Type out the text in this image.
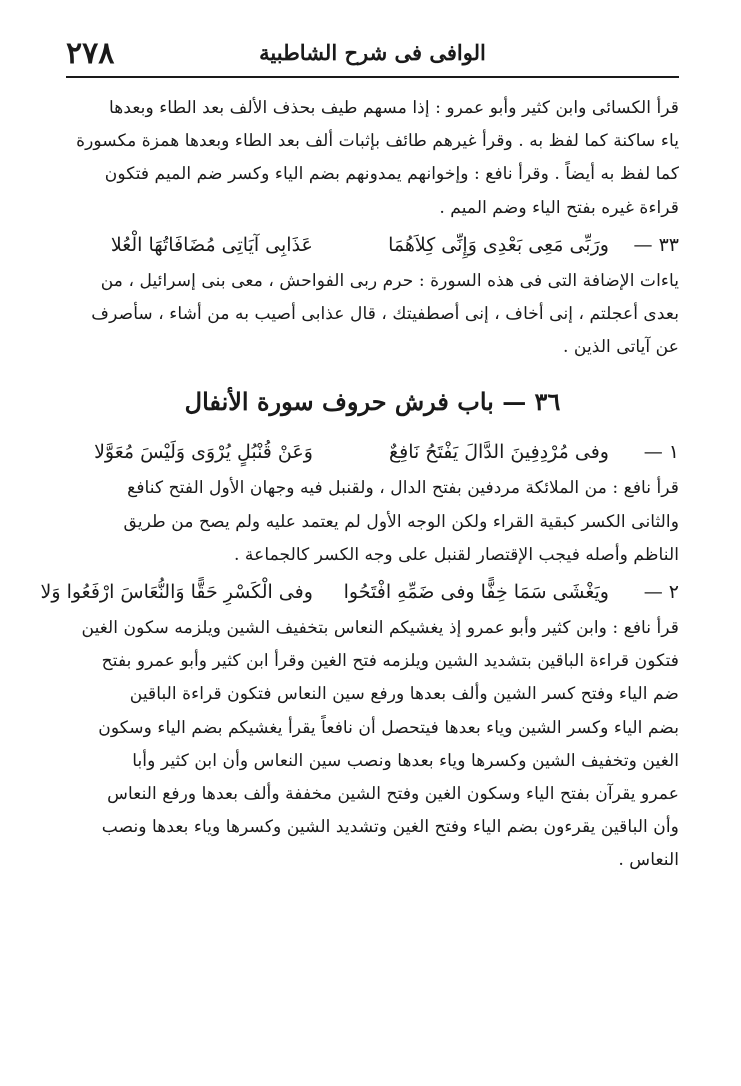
٢٧٨	الوافى فى شرح الشاطبية
قرأ الكسائى وابن كثير وأبو عمرو : إذا مسهم طيف بحذف الألف بعد الطاء وبعدها
ياء ساكنة كما لفظ به . وقرأ غيرهم طائف بإثبات ألف بعد الطاء وبعدها همزة مكسورة
كما لفظ به أيضاً . وقرأ نافع : وإخوانهم يمدونهم بضم الياء وكسر ضم الميم فتكون
قراءة غيره بفتح الياء وضم الميم .
٣٣ — ورَبِّى مَعِى بَعْدِى وَإِنِّى كِلاَهُمَا عَذَابِى آيَاتِى مُضَافَاتُهَا الْعُلا
ياءات الإضافة التى فى هذه السورة : حرم ربى الفواحش ، معى بنى إسرائيل ، من
بعدى أعجلتم ، إنى أخاف ، إنى أصطفيتك ، قال عذابى أصيب به من أشاء ، سأصرف
عن آياتى الذين .
٣٦ — باب فرش حروف سورة الأنفال
١ — وفى مُرْدِفِينَ الدَّالَ يَفْتَحُ نَافِعٌ وَعَنْ قُنْبُلٍ يُرْوَى وَلَيْسَ مُعَوَّلا
قرأ نافع : من الملائكة مردفين بفتح الدال ، ولقنبل فيه وجهان الأول الفتح كنافع
والثانى الكسر كبقية القراء ولكن الوجه الأول لم يعتمد عليه ولم يصح من طريق
الناظم وأصله فيجب الإقتصار لقنبل على وجه الكسر كالجماعة .
٢ — ويَغْشَى سَمَا خِفًّا وفى ضَمِّهِ افْتَحُوا وفى الْكَسْرِ حَقًّا وَالنُّعَاسَ ارْفَعُوا وَلا
قرأ نافع : وابن كثير وأبو عمرو إذ يغشيكم النعاس بتخفيف الشين ويلزمه سكون الغين
فتكون قراءة الباقين بتشديد الشين ويلزمه فتح الغين وقرأ ابن كثير وأبو عمرو بفتح
ضم الياء وفتح كسر الشين وألف بعدها ورفع سين النعاس فتكون قراءة الباقين
بضم الياء وكسر الشين وياء بعدها فيتحصل أن نافعاً يقرأ يغشيكم بضم الياء وسكون
الغين وتخفيف الشين وكسرها وياء بعدها ونصب سين النعاس وأن ابن كثير وأبا
عمرو يقرآن بفتح الياء وسكون الغين وفتح الشين مخففة وألف بعدها ورفع النعاس
وأن الباقين يقرءون بضم الياء وفتح الغين وتشديد الشين وكسرها وياء بعدها ونصب
النعاس .
